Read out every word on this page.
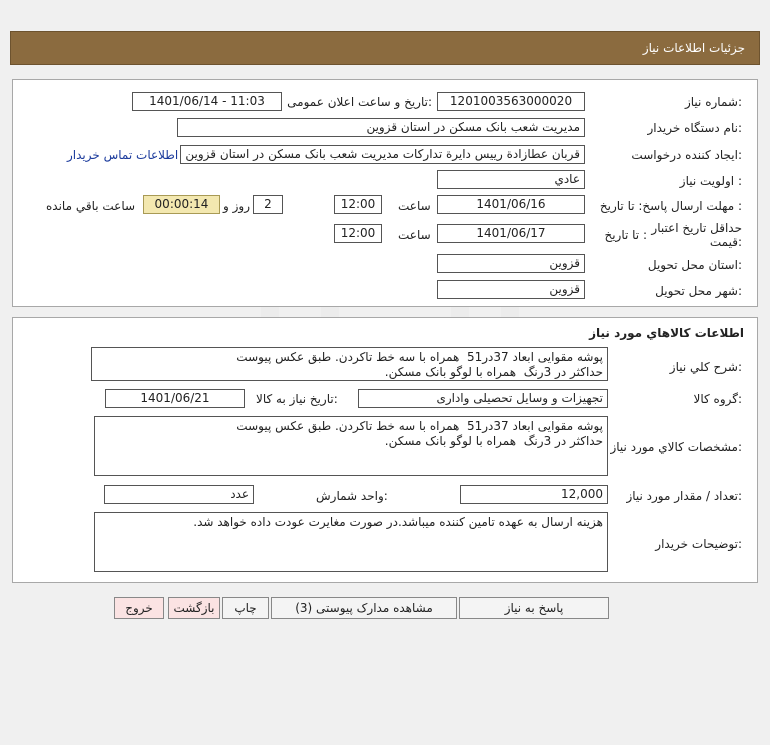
جزئیات اطلاعات نیاز
شماره نیاز:
1201003563000020
تاریخ و ساعت اعلان عمومی:
1401/06/14 - 11:03
نام دستگاه خریدار:
مدیریت شعب بانک مسکن در استان قزوین
ایجاد کننده درخواست:
قربان عطازادة رییس دایرة تدارکات مدیریت شعب بانک مسکن در استان قزوین
اطلاعات تماس خریدار
اولویت نیاز :
عادي
مهلت ارسال پاسخ: تا تاریخ :
1401/06/16
ساعت
12:00
2
روز و
00:00:14
ساعت باقي مانده
حداقل تاریخ اعتبار
قیمت:
تا تاریخ :
1401/06/17
ساعت
12:00
استان محل تحویل:
قزوین
شهر محل تحویل:
قزوین
اطلاعات کالاهاي مورد نياز
شرح کلي نياز:
پوشه مقوایی ابعاد 37در51  همراه با سه خط تاکردن. طبق عکس پیوست
حداکثر در 3رنگ  همراه با لوگو بانک مسکن.
گروه کالا:
تجهیزات و وسایل تحصیلی واداری
تاریخ نیاز به کالا:
1401/06/21
مشخصات کالاي مورد نياز:
پوشه مقوایی ابعاد 37در51  همراه با سه خط تاکردن. طبق عکس پیوست
حداکثر در 3رنگ  همراه با لوگو بانک مسکن.
تعداد / مقدار مورد نیاز:
12,000
واحد شمارش:
عدد
توضیحات خریدار:
هزینه ارسال به عهده تامین کننده میباشد.در صورت مغایرت عودت داده خواهد شد.
پاسخ به نیاز
مشاهده مدارک پیوستی (3)
چاپ
بازگشت
خروج
